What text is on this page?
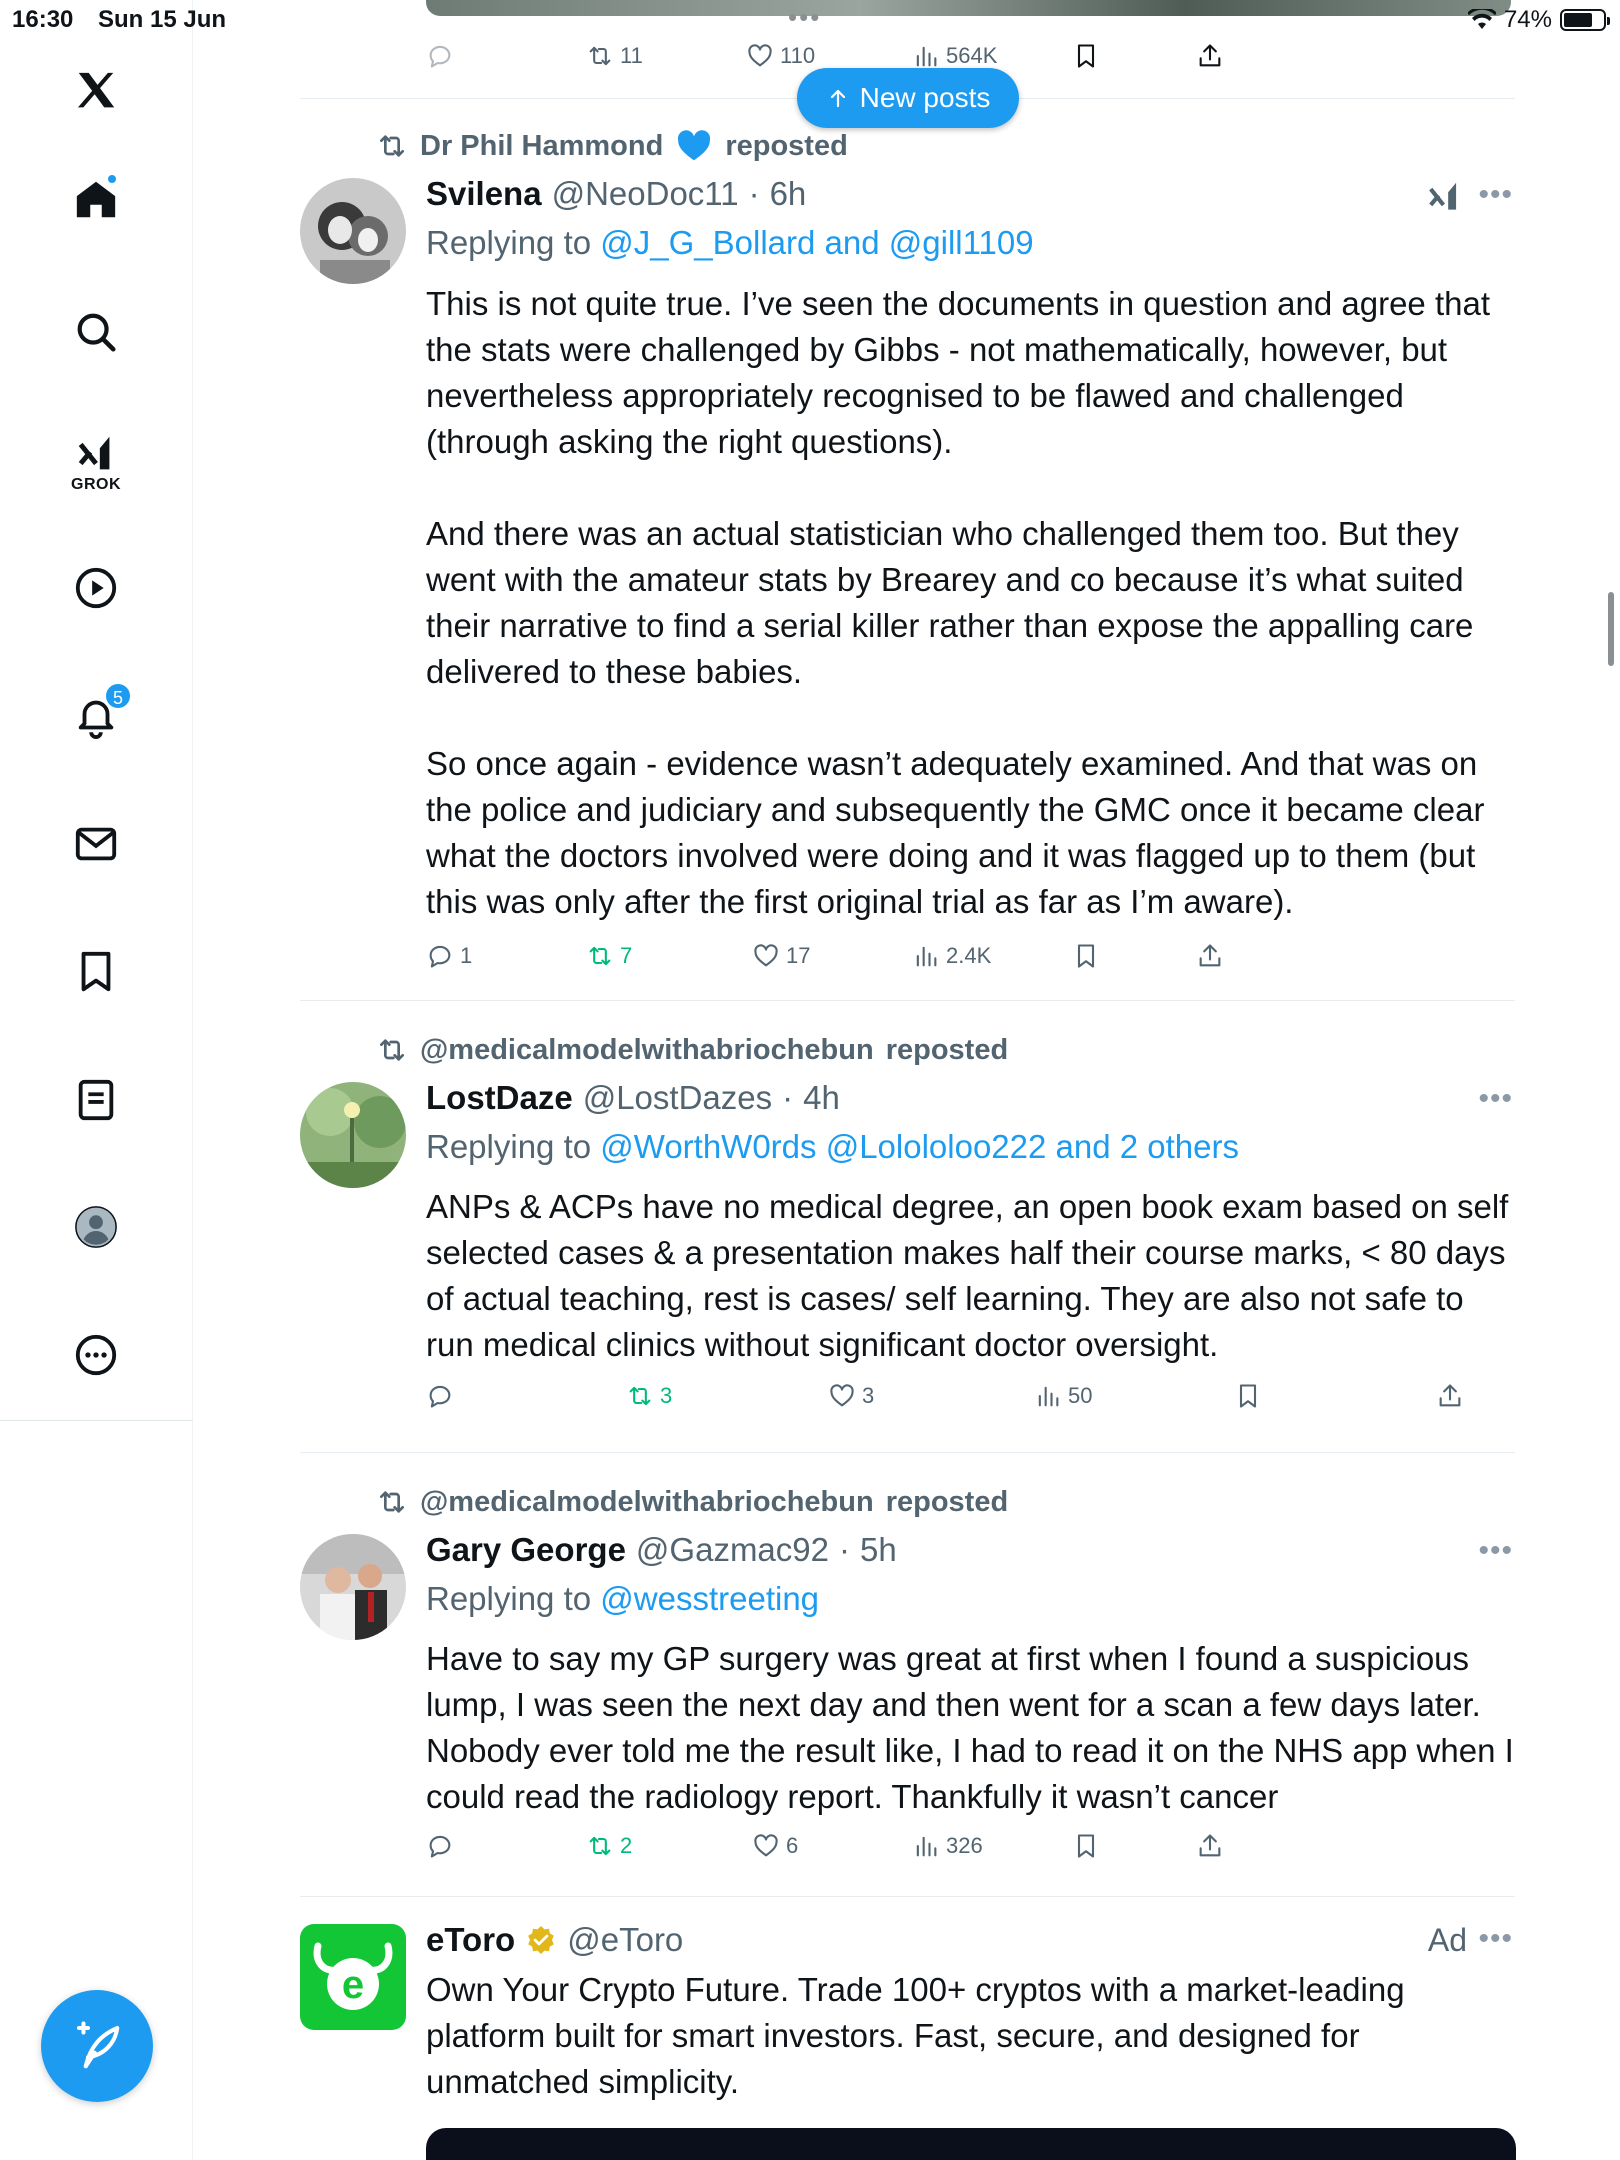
16:30 Sun 15 Jun	•••	74%
GROK
5
11	110	564K
Dr Phil Hammond reposted
Svilena @NeoDoc11 · 6h	•••
Replying to @J_G_Bollard and @gill1109
This is not quite true. I’ve seen the documents in question and agree that the stats were challenged by Gibbs - not mathematically, however, but nevertheless appropriately recognised to be flawed and challenged (through asking the right questions).

And there was an actual statistician who challenged them too. But they went with the amateur stats by Brearey and co because it’s what suited their narrative to find a serial killer rather than expose the appalling care delivered to these babies.

So once again - evidence wasn’t adequately examined. And that was on the police and judiciary and subsequently the GMC once it became clear what the doctors involved were doing and it was flagged up to them (but this was only after the first original trial as far as I’m aware).
1	7	17	2.4K
@medicalmodelwithabriochebun reposted
LostDaze @LostDazes · 4h	•••
Replying to @WorthW0rds @Lolololoo222 and 2 others
ANPs & ACPs have no medical degree, an open book exam based on self selected cases & a presentation makes half their course marks, < 80 days of actual teaching, rest is cases/ self learning. They are also not safe to run medical clinics without significant doctor oversight.
3	3	50
@medicalmodelwithabriochebun reposted
Gary George @Gazmac92 · 5h	•••
Replying to @wesstreeting
Have to say my GP surgery was great at first when I found a suspicious lump, I was seen the next day and then went for a scan a few days later. Nobody ever told me the result like, I had to read it on the NHS app when I could read the radiology report. Thankfully it wasn’t cancer
2	6	326
e
eToro @eToro	Ad •••
Own Your Crypto Future. Trade 100+ cryptos with a market-leading platform built for smart investors. Fast, secure, and designed for unmatched simplicity.
New posts
